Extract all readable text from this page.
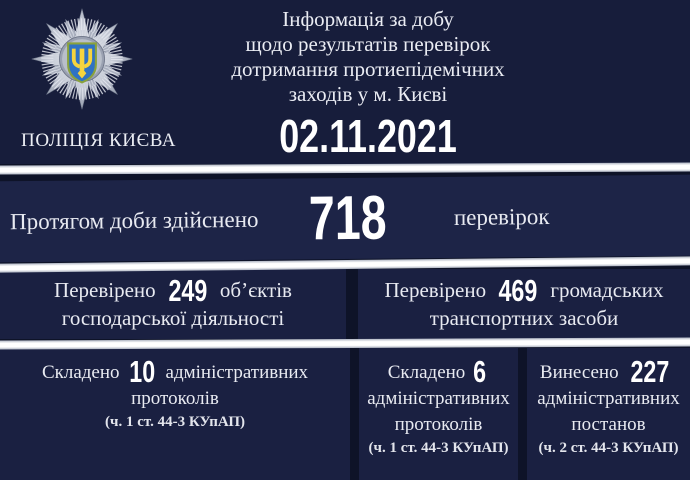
ПОЛІЦІЯ КИЄВА
Інформація за добу
щодо результатів перевірок
дотримання протиепідемічних
заходів у м. Києві
02.11.2021
Протягом доби здійснено 718	перевірок
Перевірено 249 об’єктів
господарської діяльності
Перевірено 469 громадських
транспортних засоби
Складено 10 адміністративних
протоколів
(ч. 1 ст. 44-3 КУпАП)
Складено 6
адміністративних
протоколів
(ч. 1 ст. 44-3 КУпАП)
Винесено 227
адміністративних
постанов
(ч. 2 ст. 44-3 КУпАП)
